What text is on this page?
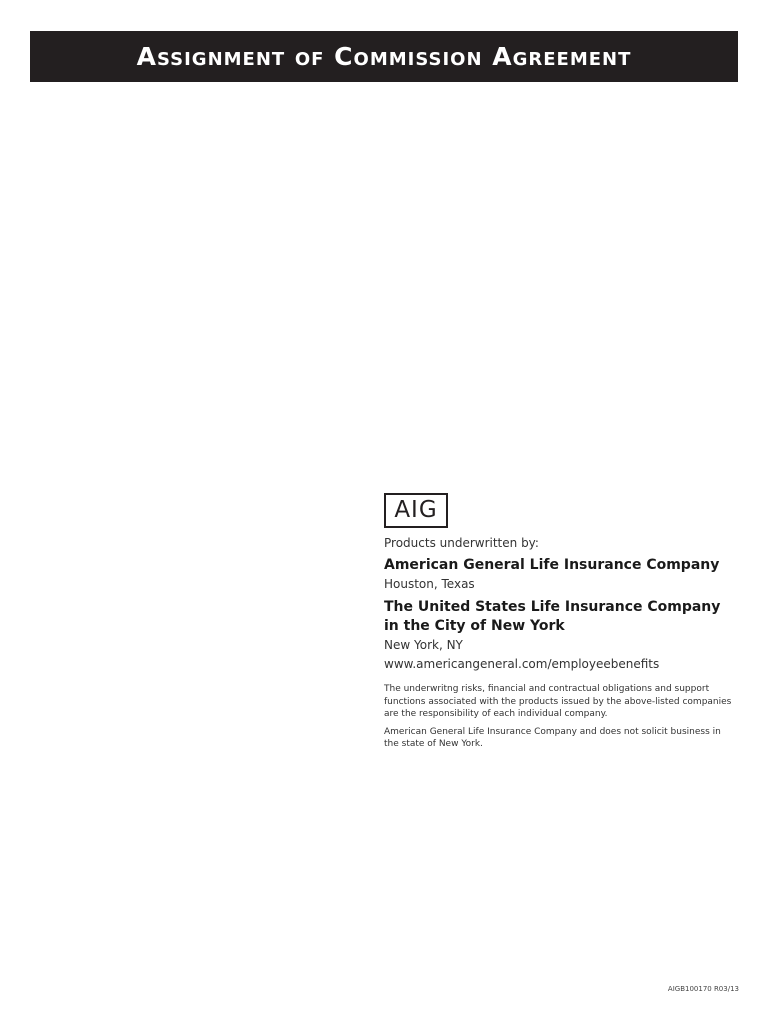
Assignment of Commission Agreement
AIG
Products underwritten by:
American General Life Insurance Company
Houston, Texas
The United States Life Insurance Company in the City of New York
New York, NY
www.americangeneral.com/employeebenefits
The underwritng risks, financial and contractual obligations and support functions associated with the products issued by the above-listed companies are the responsibility of each individual company.
American General Life Insurance Company and does not solicit business in the state of New York.
AIGB100170 R03/13
